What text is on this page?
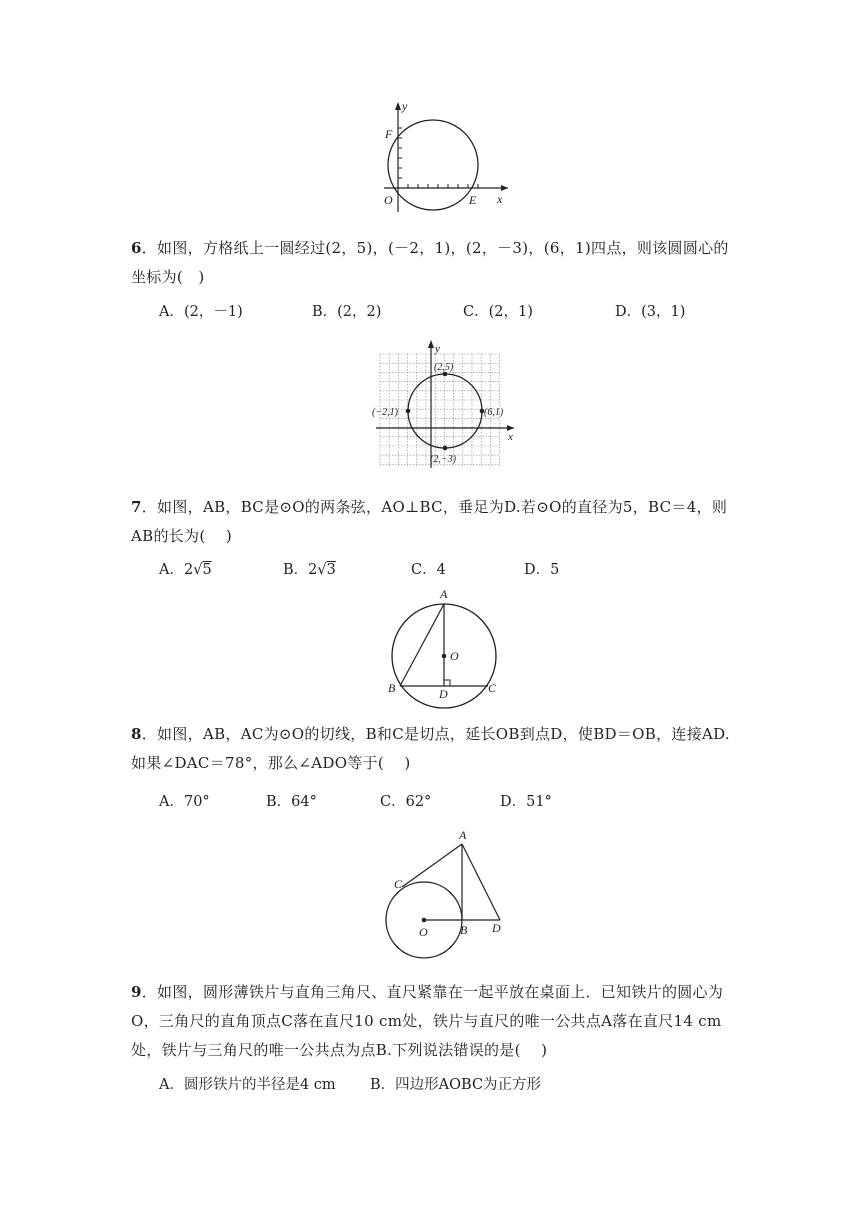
y
x
F
O	E
6．如图，方格纸上一圆经过(2，5)，(－2，1)，(2，－3)，(6，1)四点，则该圆圆心的坐标为(　)
A．(2，－1)	B．(2，2)	C．(2，1)	D．(3，1)
y
x
(2,5)
(−2,1)	(6,1)
(2,−3)
7．如图，AB，BC是⊙O的两条弦，AO⊥BC，垂足为D.若⊙O的直径为5，BC＝4，则AB的长为(　 )
A．2√5	B．2√3	C．4	D．5
A
O
B	D	C
8．如图，AB，AC为⊙O的切线，B和C是切点，延长OB到点D，使BD＝OB，连接AD.如果∠DAC＝78°，那么∠ADO等于(　 )
A．70°	B．64°	C．62°	D．51°
A
C
O	B D
9．如图，圆形薄铁片与直角三角尺、直尺紧靠在一起平放在桌面上．已知铁片的圆心为O，三角尺的直角顶点C落在直尺10 cm处，铁片与直尺的唯一公共点A落在直尺14 cm处，铁片与三角尺的唯一公共点为点B.下列说法错误的是(　 )
A．圆形铁片的半径是4 cm B．四边形AOBC为正方形
